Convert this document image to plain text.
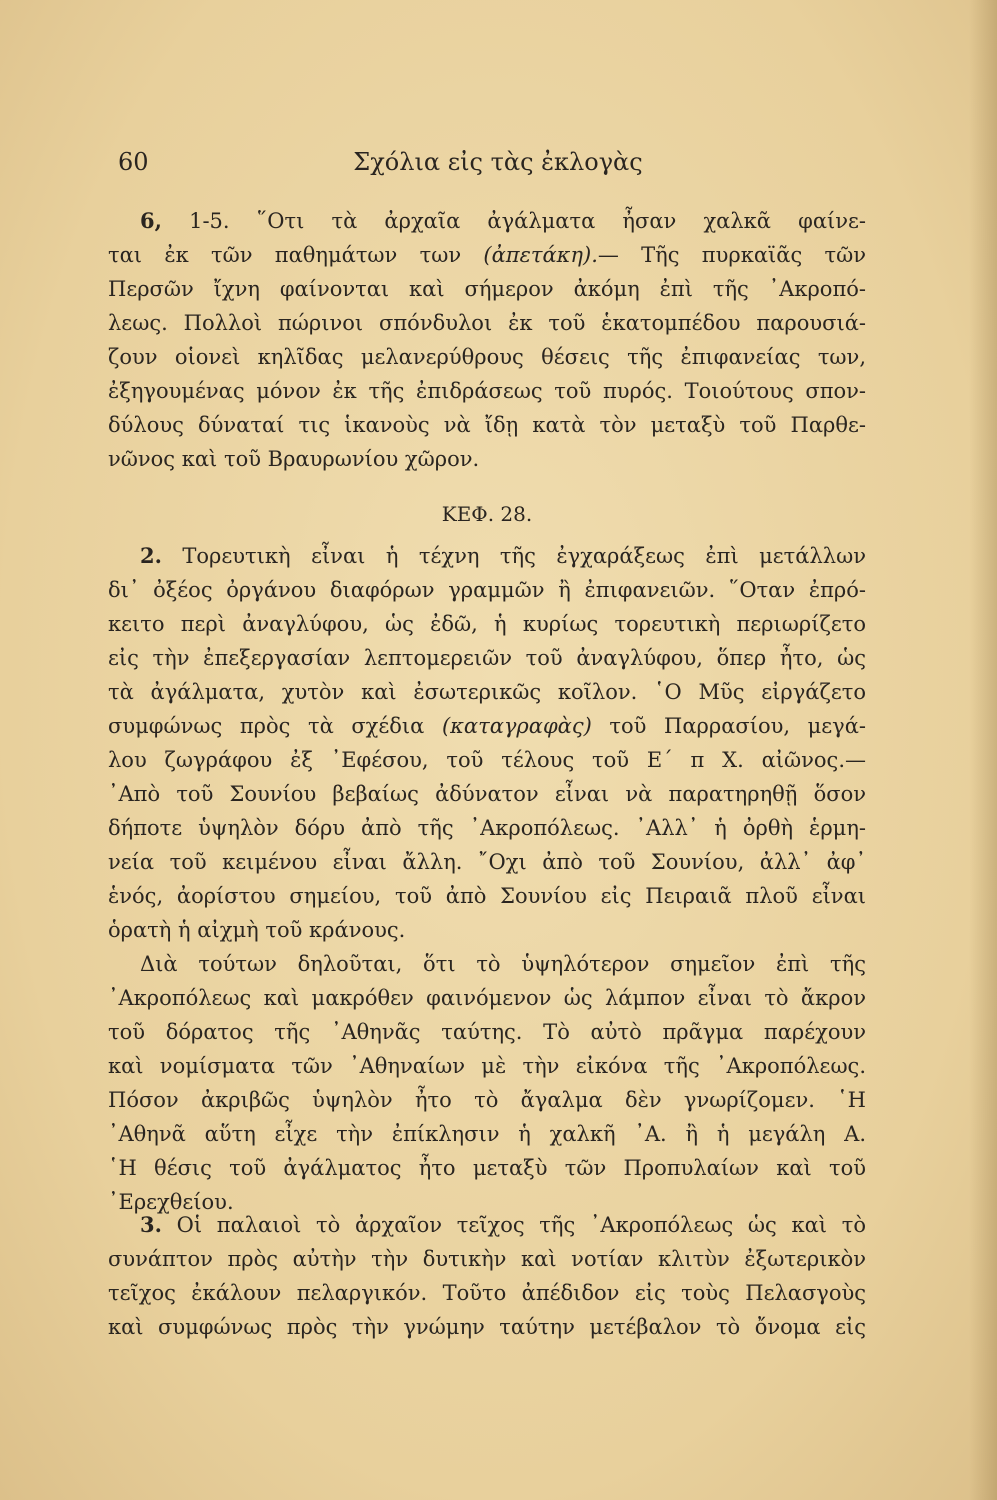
60	Σχόλια εἰς τὰς ἐκλογὰς
6, 1-5. ῞Οτι τὰ ἀρχαῖα ἀγάλματα ἦσαν χαλκᾶ φαίνε-
ται ἐκ τῶν παθημάτων των (ἀπετάκη).— Τῆς πυρκαϊᾶς τῶν
Περσῶν ἴχνη φαίνονται καὶ σήμερον ἀκόμη ἐπὶ τῆς ᾿Ακροπό-
λεως. Πολλοὶ πώρινοι σπόνδυλοι ἐκ τοῦ ἑκατομπέδου παρουσιά-
ζουν οἱονεὶ κηλῖδας μελανερύθρους θέσεις τῆς ἐπιφανείας των,
ἐξηγουμένας μόνον ἐκ τῆς ἐπιδράσεως τοῦ πυρός. Τοιούτους σπον-
δύλους δύναταί τις ἱκανοὺς νὰ ἴδῃ κατὰ τὸν μεταξὺ τοῦ Παρθε-
νῶνος καὶ τοῦ Βραυρωνίου χῶρον.
ΚΕΦ. 28.
2. Τορευτικὴ εἶναι ἡ τέχνη τῆς ἐγχαράξεως ἐπὶ μετάλλων
δι᾿ ὀξέος ὀργάνου διαφόρων γραμμῶν ἢ ἐπιφανειῶν. ῞Οταν ἐπρό-
κειτο περὶ ἀναγλύφου, ὡς ἐδῶ, ἡ κυρίως τορευτικὴ περιωρίζετο
εἰς τὴν ἐπεξεργασίαν λεπτομερειῶν τοῦ ἀναγλύφου, ὅπερ ἦτο, ὡς
τὰ ἀγάλματα, χυτὸν καὶ ἐσωτερικῶς κοῖλον. ῾Ο Μῦς εἰργάζετο
συμφώνως πρὸς τὰ σχέδια (καταγραφὰς) τοῦ Παρρασίου, μεγά-
λου ζωγράφου ἐξ ᾿Εφέσου, τοῦ τέλους τοῦ Ε΄ π Χ. αἰῶνος.—
᾿Απὸ τοῦ Σουνίου βεβαίως ἀδύνατον εἶναι νὰ παρατηρηθῇ ὅσον
δήποτε ὑψηλὸν δόρυ ἀπὸ τῆς ᾿Ακροπόλεως. ᾿Αλλ᾿ ἡ ὀρθὴ ἑρμη-
νεία τοῦ κειμένου εἶναι ἄλλη. ῎Οχι ἀπὸ τοῦ Σουνίου, ἀλλ᾿ ἀφ᾿
ἑνός, ἀορίστου σημείου, τοῦ ἀπὸ Σουνίου εἰς Πειραιᾶ πλοῦ εἶναι
ὁρατὴ ἡ αἰχμὴ τοῦ κράνους.
Διὰ τούτων δηλοῦται, ὅτι τὸ ὑψηλότερον σημεῖον ἐπὶ τῆς
᾿Ακροπόλεως καὶ μακρόθεν φαινόμενον ὡς λάμπον εἶναι τὸ ἄκρον
τοῦ δόρατος τῆς ᾿Αθηνᾶς ταύτης. Τὸ αὐτὸ πρᾶγμα παρέχουν
καὶ νομίσματα τῶν ᾿Αθηναίων μὲ τὴν εἰκόνα τῆς ᾿Ακροπόλεως.
Πόσον ἀκριβῶς ὑψηλὸν ἦτο τὸ ἄγαλμα δὲν γνωρίζομεν. ῾Η
᾿Αθηνᾶ αὕτη εἶχε τὴν ἐπίκλησιν ἡ χαλκῆ ᾿Α. ἢ ἡ μεγάλη Α.
῾Η θέσις τοῦ ἀγάλματος ἦτο μεταξὺ τῶν Προπυλαίων καὶ τοῦ
᾿Ερεχθείου.
3. Οἱ παλαιοὶ τὸ ἀρχαῖον τεῖχος τῆς ᾿Ακροπόλεως ὡς καὶ τὸ
συνάπτον πρὸς αὐτὴν τὴν δυτικὴν καὶ νοτίαν κλιτὺν ἐξωτερικὸν
τεῖχος ἐκάλουν πελαργικόν. Τοῦτο ἀπέδιδον εἰς τοὺς Πελασγοὺς
καὶ συμφώνως πρὸς τὴν γνώμην ταύτην μετέβαλον τὸ ὄνομα εἰς
